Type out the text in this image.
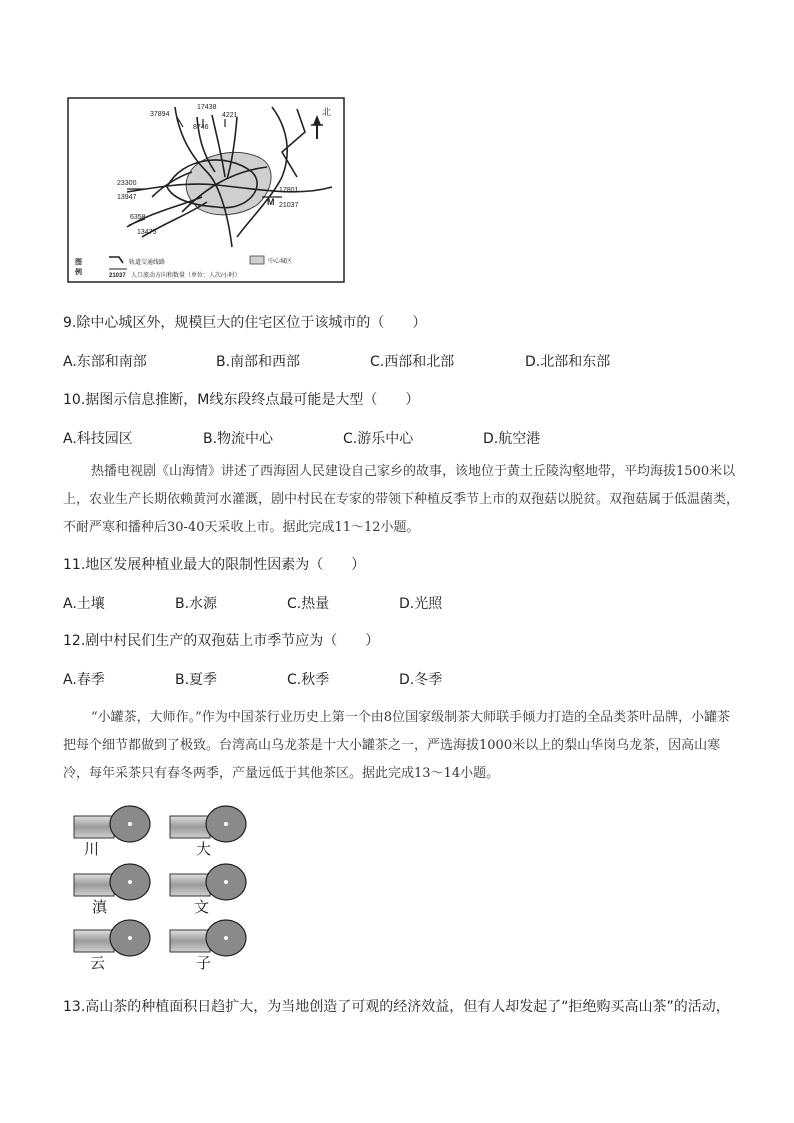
北
37894
17438
8746
4221
23300
13947
6358
13475
17801
21037
M
图
例
轨道交通线路	中心城区
21037 人口流动方向和数量（单位：人次/小时）
9.除中心城区外，规模巨大的住宅区位于该城市的（　　）
A.东部和南部	B.南部和西部	C.西部和北部	D.北部和东部
10.据图示信息推断，M线东段终点最可能是大型（　　）
A.科技园区	B.物流中心	C.游乐中心	D.航空港
热播电视剧《山海情》讲述了西海固人民建设自己家乡的故事，该地位于黄土丘陵沟壑地带，平均海拔1500米以上，农业生产长期依赖黄河水灌溉，剧中村民在专家的带领下种植反季节上市的双孢菇以脱贫。双孢菇属于低温菌类，不耐严寒和播种后30-40天采收上市。据此完成11～12小题。
11.地区发展种植业最大的限制性因素为（　　）
A.土壤	B.水源	C.热量	D.光照
12.剧中村民们生产的双孢菇上市季节应为（　　）
A.春季	B.夏季	C.秋季	D.冬季
“小罐茶，大师作。”作为中国茶行业历史上第一个由8位国家级制茶大师联手倾力打造的全品类茶叶品牌，小罐茶把每个细节都做到了极致。台湾高山乌龙茶是十大小罐茶之一，严选海拔1000米以上的梨山华岗乌龙茶，因高山寒冷，每年采茶只有春冬两季，产量远低于其他茶区。据此完成13～14小题。
川	大
滇	文
云	子
13.高山茶的种植面积日趋扩大，为当地创造了可观的经济效益，但有人却发起了“拒绝购买高山茶”的活动，
